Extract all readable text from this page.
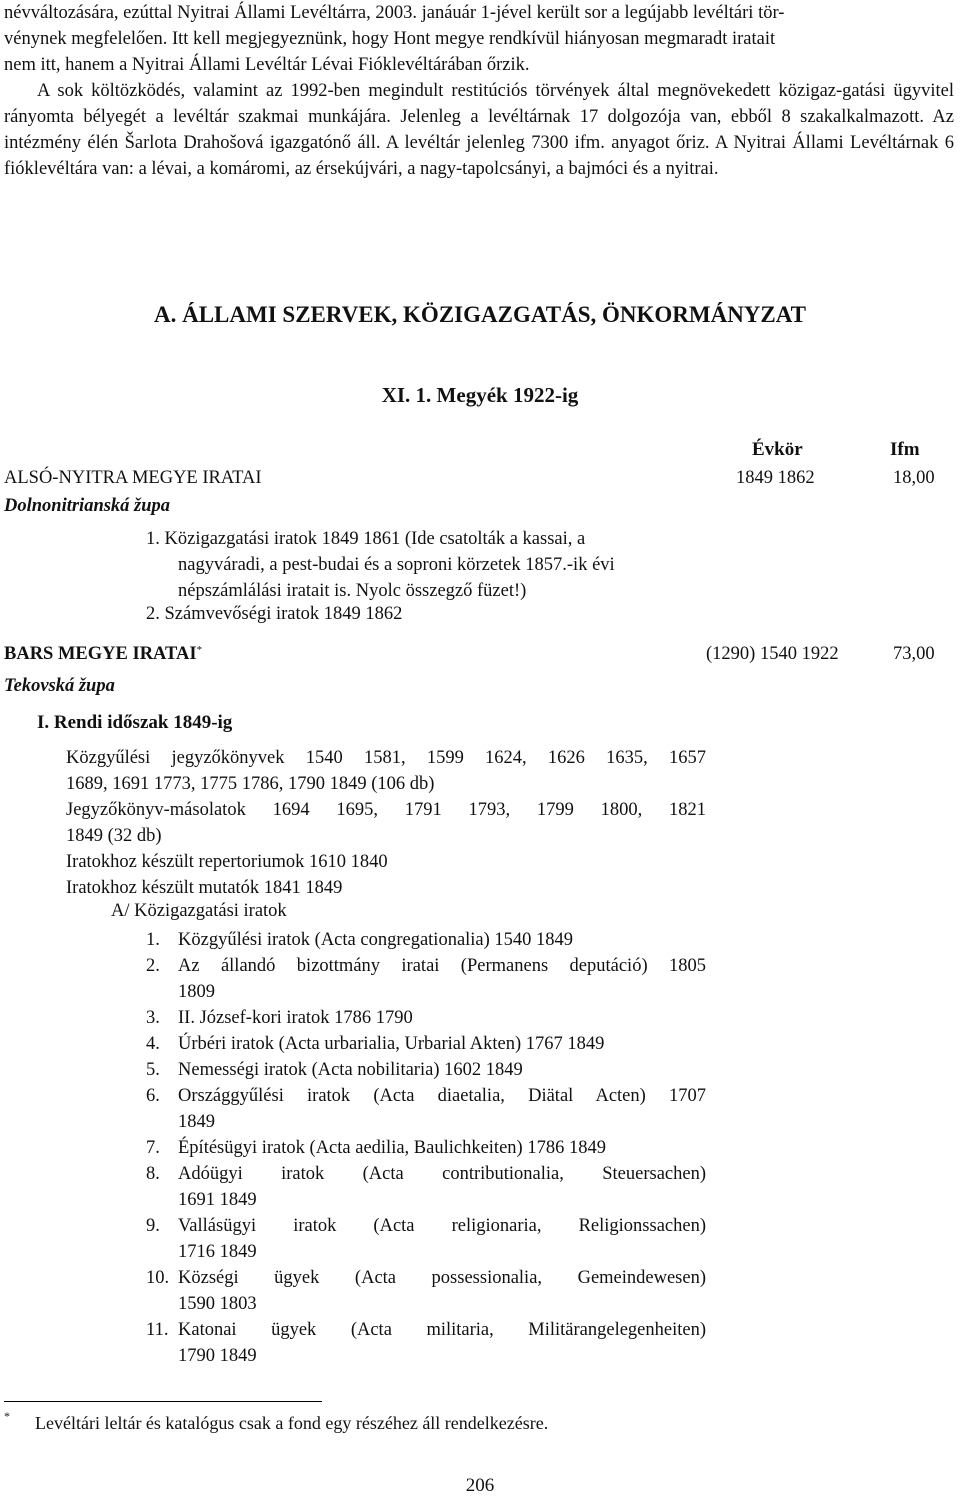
névváltozására, ezúttal Nyitrai Állami Levéltárra, 2003. janáuár 1-jével került sor a legújabb levéltári tör-
vénynek megfelelően. Itt kell megjegyeznünk, hogy Hont megye rendkívül hiányosan megmaradt iratait
nem itt, hanem a Nyitrai Állami Levéltár Lévai Fióklevéltárában őrzik.

A sok költözködés, valamint az 1992-ben megindult restitúciós törvények által megnövekedett közigaz-gatási ügyvitel rányomta bélyegét a levéltár szakmai munkájára. Jelenleg a levéltárnak 17 dolgozója van, ebből 8 szakalkalmazott. Az intézmény élén Šarlota Drahošová igazgatónő áll. A levéltár jelenleg 7300 ifm. anyagot őriz. A Nyitrai Állami Levéltárnak 6 fióklevéltára van: a lévai, a komáromi, az érsekújvári, a nagy-tapolcsányi, a bajmóci és a nyitrai.

A. ÁLLAMI SZERVEK, KÖZIGAZGATÁS, ÖNKORMÁNYZAT
XI. 1. Megyék 1922-ig
Évkör	Ifm
ALSÓ-NYITRA MEGYE IRATAI	1849 1862	18,00
Dolnonitrianská župa
1. Közigazgatási iratok 1849 1861 (Ide csatolták a kassai, a
nagyváradi, a pest-budai és a soproni körzetek 1857.-ik évi
népszámlálási iratait is. Nyolc összegző füzet!)
2. Számvevőségi iratok 1849 1862
BARS MEGYE IRATAI*	(1290) 1540 1922	73,00
Tekovská župa
I. Rendi időszak 1849-ig
Közgyűlési jegyzőkönyvek 1540 1581, 1599 1624, 1626 1635, 1657
1689, 1691 1773, 1775 1786, 1790 1849 (106 db)
Jegyzőkönyv-másolatok 1694 1695, 1791 1793, 1799 1800, 1821
1849 (32 db)
Iratokhoz készült repertoriumok 1610 1840
Iratokhoz készült mutatók 1841 1849
A/ Közigazgatási iratok
1. Közgyűlési iratok (Acta congregationalia) 1540 1849
2. Az állandó bizottmány iratai (Permanens deputáció) 1805
1809
3. II. József-kori iratok 1786 1790
4. Úrbéri iratok (Acta urbarialia, Urbarial Akten) 1767 1849
5. Nemességi iratok (Acta nobilitaria) 1602 1849
6. Országgyűlési iratok (Acta diaetalia, Diätal Acten) 1707
1849
7. Építésügyi iratok (Acta aedilia, Baulichkeiten) 1786 1849
8. Adóügyi iratok (Acta contributionalia, Steuersachen)
1691 1849
9. Vallásügyi iratok (Acta religionaria, Religionssachen)
1716 1849
10. Községi ügyek (Acta possessionalia, Gemeindewesen)
1590 1803
11. Katonai ügyek (Acta militaria, Militärangelegenheiten)
1790 1849
* Levéltári leltár és katalógus csak a fond egy részéhez áll rendelkezésre.
206
